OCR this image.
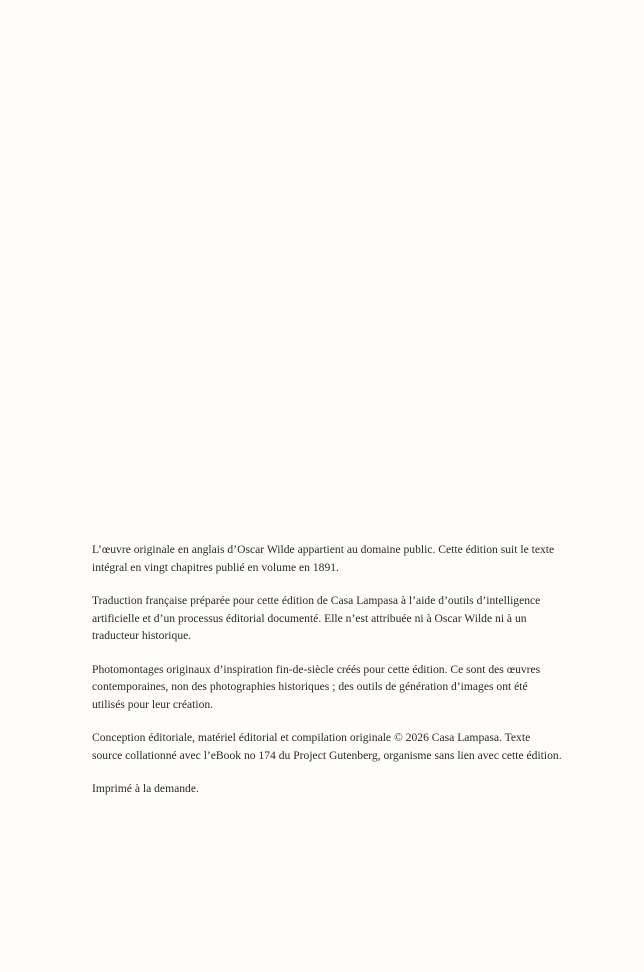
L’œuvre originale en anglais d’Oscar Wilde appartient au domaine public. Cette édition suit le texte intégral en vingt chapitres publié en volume en 1891.

Traduction française préparée pour cette édition de Casa Lampasa à l’aide d’outils d’intelligence artificielle et d’un processus éditorial documenté. Elle n’est attribuée ni à Oscar Wilde ni à un traducteur historique.

Photomontages originaux d’inspiration fin-de-siècle créés pour cette édition. Ce sont des œuvres contemporaines, non des photographies historiques ; des outils de génération d’images ont été utilisés pour leur création.

Conception éditoriale, matériel éditorial et compilation originale © 2026 Casa Lampasa. Texte source collationné avec l’eBook no 174 du Project Gutenberg, organisme sans lien avec cette édition.

Imprimé à la demande.
